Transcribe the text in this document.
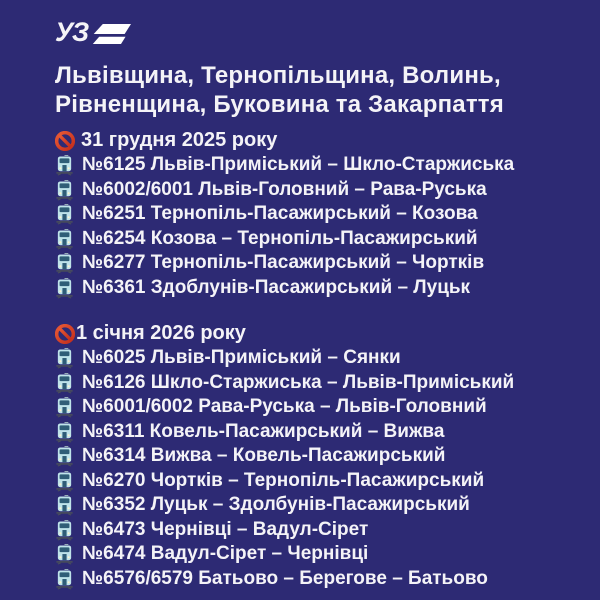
УЗ
Львівщина, Тернопільщина, Волинь,
Рівненщина, Буковина та Закарпаття
31 грудня 2025 року
№6125 Львів-Приміський – Шкло-Старжиська
№6002/6001 Львів-Головний – Рава-Руська
№6251 Тернопіль-Пасажирський – Козова
№6254 Козова – Тернопіль-Пасажирський
№6277 Тернопіль-Пасажирський – Чортків
№6361 Здоблунів-Пасажирський – Луцьк
1 січня 2026 року
№6025 Львів-Приміський – Сянки
№6126 Шкло-Старжиська – Львів-Приміський
№6001/6002 Рава-Руська – Львів-Головний
№6311 Ковель-Пасажирський – Вижва
№6314 Вижва – Ковель-Пасажирський
№6270 Чортків – Тернопіль-Пасажирський
№6352 Луцьк – Здолбунів-Пасажирський
№6473 Чернівці – Вадул-Сірет
№6474 Вадул-Сірет – Чернівці
№6576/6579 Батьово – Берегове – Батьово
